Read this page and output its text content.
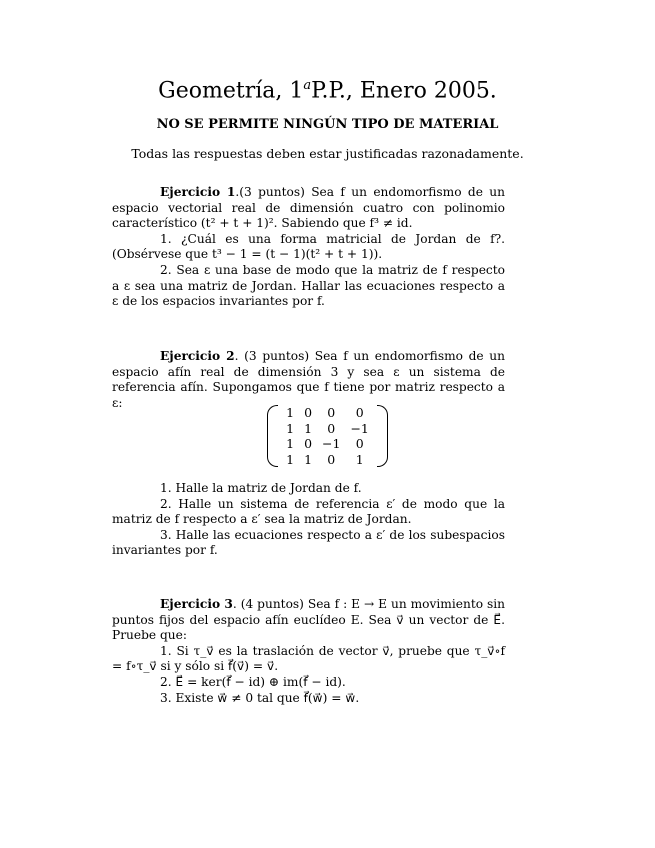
Geometría, 1$^a$P.P., Enero 2005.
NO SE PERMITE NINGÚN TIPO DE MATERIAL
Todas las respuestas deben estar justificadas razonadamente.

Ejercicio 1.(3 puntos) Sea f un endomorfismo de un espacio vectorial real de dimensión cuatro con polinomio característico (t² + t + 1)². Sabiendo que f³ ≠ id.

1. ¿Cuál es una forma matricial de Jordan de f?. (Obsérvese que t³ − 1 = (t − 1)(t² + t + 1)).

2. Sea ε una base de modo que la matriz de f respecto a ε sea una matriz de Jordan. Hallar las ecuaciones respecto a ε de los espacios invariantes por f.

Ejercicio 2. (3 puntos) Sea f un endomorfismo de un espacio afín real de dimensión 3 y sea ε un sistema de referencia afín. Supongamos que f tiene por matriz respecto a ε:

1	0	0	0
1	1	0	−1
1	0	−1	0
1	1	0	1

1. Halle la matriz de Jordan de f.

2. Halle un sistema de referencia ε′ de modo que la matriz de f respecto a ε′ sea la matriz de Jordan.

3. Halle las ecuaciones respecto a ε′ de los subespacios invariantes por f.

Ejercicio 3. (4 puntos) Sea f : E → E un movimiento sin puntos fijos del espacio afín euclídeo E. Sea v⃗ un vector de E⃗. Pruebe que:

1. Si τ_v⃗ es la traslación de vector v⃗, pruebe que τ_v⃗∘f = f∘τ_v⃗ si y sólo si f⃗(v⃗) = v⃗.

2. E⃗ = ker(f⃗ − id) ⊕ im(f⃗ − id).

3. Existe w⃗ ≠ 0 tal que f⃗(w⃗) = w⃗.
